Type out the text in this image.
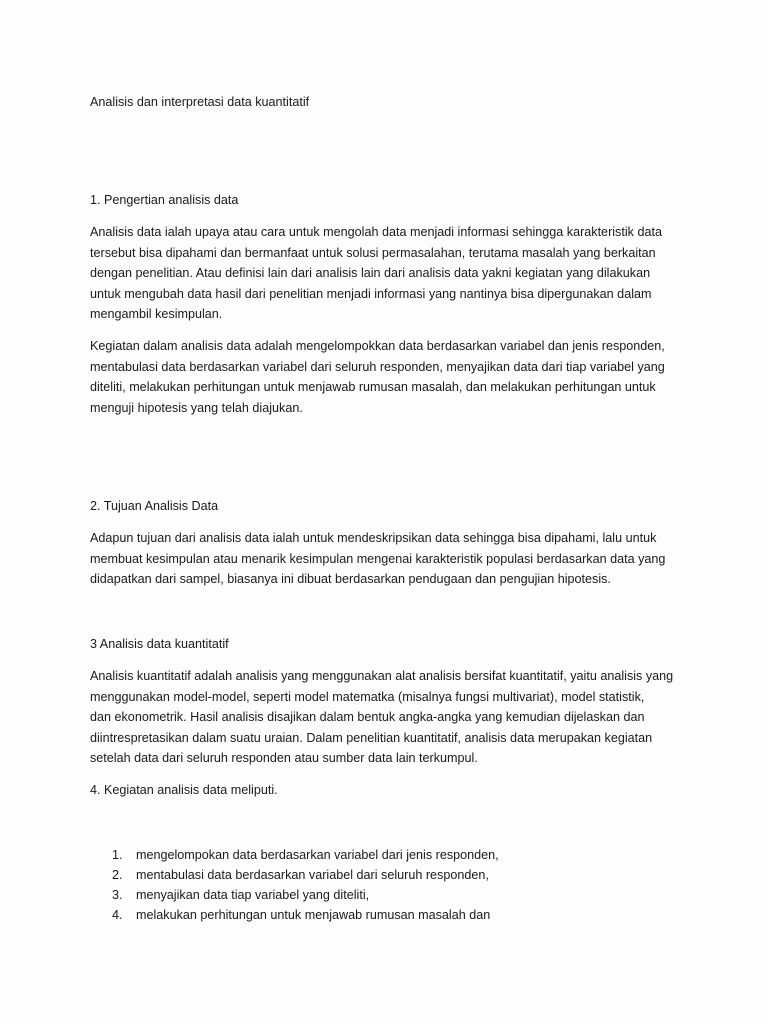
Analisis dan interpretasi data kuantitatif
1. Pengertian analisis data
Analisis data ialah upaya atau cara untuk mengolah data menjadi informasi sehingga karakteristik data
tersebut bisa dipahami dan bermanfaat untuk solusi permasalahan, terutama masalah yang berkaitan
dengan penelitian. Atau definisi lain dari analisis lain dari analisis data yakni kegiatan yang dilakukan
untuk mengubah data hasil dari penelitian menjadi informasi yang nantinya bisa dipergunakan dalam
mengambil kesimpulan.
Kegiatan dalam analisis data adalah mengelompokkan data berdasarkan variabel dan jenis responden,
mentabulasi data berdasarkan variabel dari seluruh responden, menyajikan data dari tiap variabel yang
diteliti, melakukan perhitungan untuk menjawab rumusan masalah, dan melakukan perhitungan untuk
menguji hipotesis yang telah diajukan.
2. Tujuan Analisis Data
Adapun tujuan dari analisis data ialah untuk mendeskripsikan data sehingga bisa dipahami, lalu untuk
membuat kesimpulan atau menarik kesimpulan mengenai karakteristik populasi berdasarkan data yang
didapatkan dari sampel, biasanya ini dibuat berdasarkan pendugaan dan pengujian hipotesis.
3 Analisis data kuantitatif
Analisis kuantitatif adalah analisis yang menggunakan alat analisis bersifat kuantitatif, yaitu analisis yang
menggunakan model-model, seperti model matematka (misalnya fungsi multivariat), model statistik,
dan ekonometrik. Hasil analisis disajikan dalam bentuk angka-angka yang kemudian dijelaskan dan
diintrespretasikan dalam suatu uraian. Dalam penelitian kuantitatif, analisis data merupakan kegiatan
setelah data dari seluruh responden atau sumber data lain terkumpul.
4. Kegiatan analisis data meliputi.
1. mengelompokan data berdasarkan variabel dari jenis responden,
2. mentabulasi data berdasarkan variabel dari seluruh responden,
3. menyajikan data tiap variabel yang diteliti,
4. melakukan perhitungan untuk menjawab rumusan masalah dan
